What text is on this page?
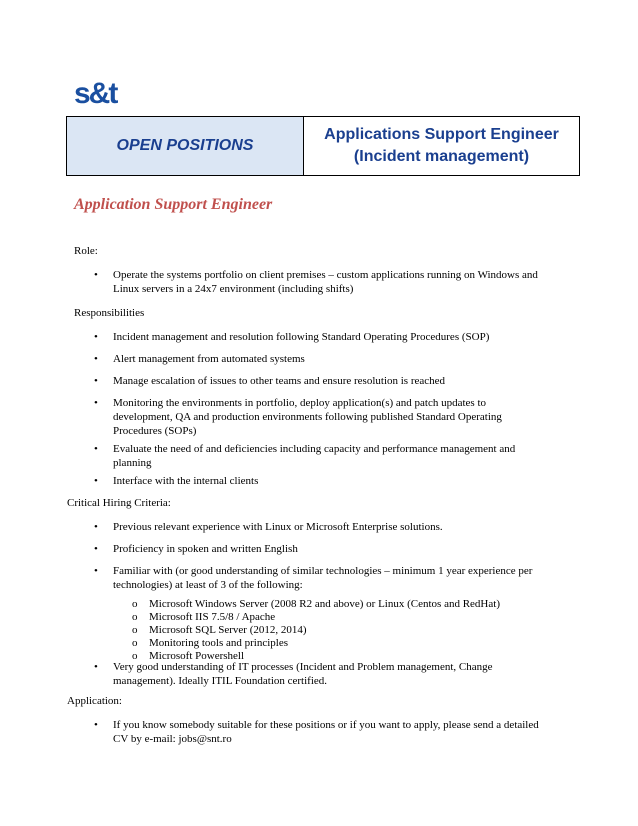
s&t
OPEN POSITIONS
Applications Support Engineer
(Incident management)
Application Support Engineer
Role:
• Operate the systems portfolio on client premises – custom applications running on Windows and
Linux servers in a 24x7 environment (including shifts)
Responsibilities
• Incident management and resolution following Standard Operating Procedures (SOP)
• Alert management from automated systems
• Manage escalation of issues to other teams and ensure resolution is reached
• Monitoring the environments in portfolio, deploy application(s) and patch updates to
development, QA and production environments following published Standard Operating
Procedures (SOPs)
• Evaluate the need of and deficiencies including capacity and performance management and
planning
• Interface with the internal clients
Critical Hiring Criteria:
• Previous relevant experience with Linux or Microsoft Enterprise solutions.
• Proficiency in spoken and written English
• Familiar with (or good understanding of similar technologies – minimum 1 year experience per
technologies) at least of 3 of the following:
o Microsoft Windows Server (2008 R2 and above) or Linux (Centos and RedHat)
o Microsoft IIS 7.5/8 / Apache
o Microsoft SQL Server (2012, 2014)
o Monitoring tools and principles
o Microsoft Powershell
• Very good understanding of IT processes (Incident and Problem management, Change
management). Ideally ITIL Foundation certified.
Application:
• If you know somebody suitable for these positions or if you want to apply, please send a detailed
CV by e-mail: jobs@snt.ro
